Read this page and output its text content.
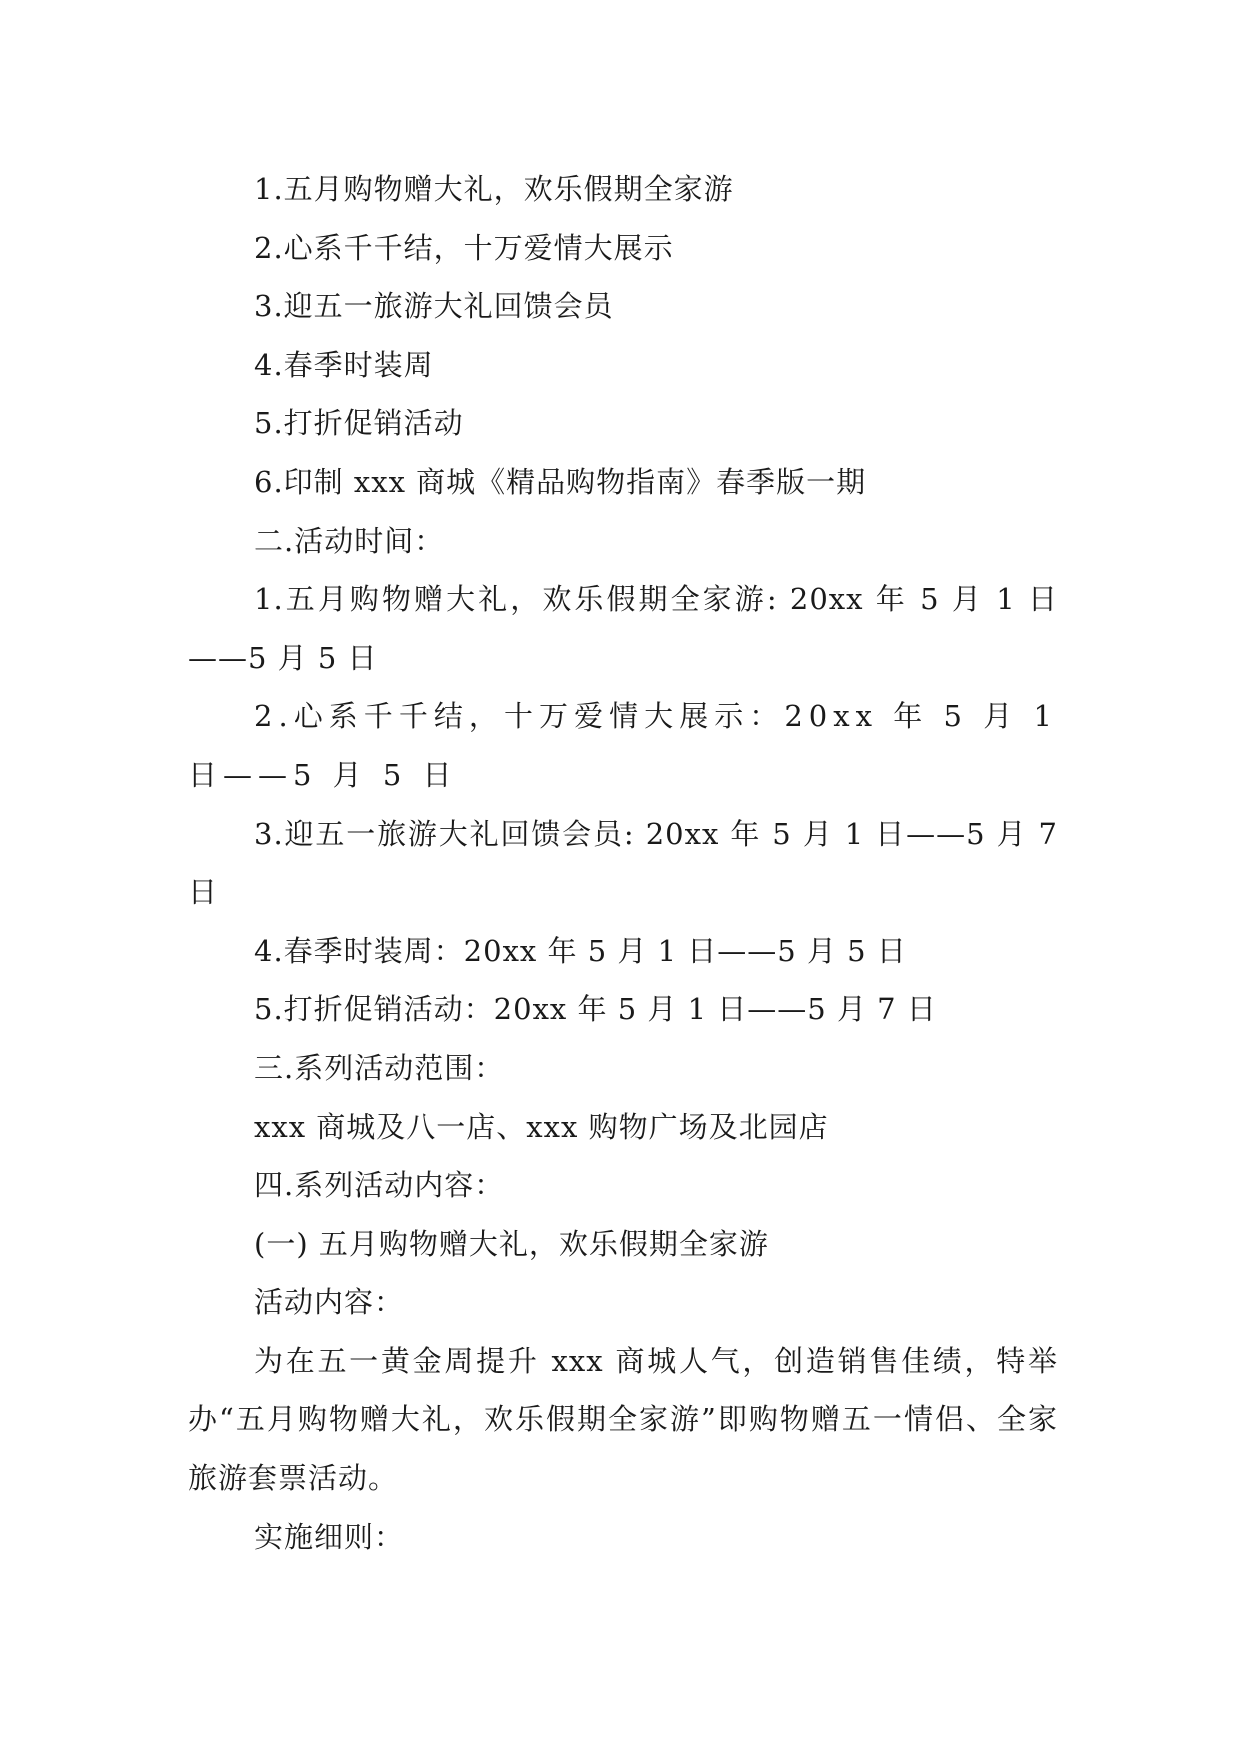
1.五月购物赠大礼，欢乐假期全家游
2.心系千千结，十万爱情大展示
3.迎五一旅游大礼回馈会员
4.春季时装周
5.打折促销活动
6.印制 xxx 商城《精品购物指南》春季版一期
二.活动时间：
1.五月购物赠大礼，欢乐假期全家游: 20xx 年 5 月 1 日——5 月 5 日
2.心系千千结，十万爱情大展示：20xx 年 5 月 1 日——5 月 5 日
3.迎五一旅游大礼回馈会员: 20xx 年 5 月 1 日——5 月 7 日
4.春季时装周：20xx 年 5 月 1 日——5 月 5 日
5.打折促销活动：20xx 年 5 月 1 日——5 月 7 日
三.系列活动范围：
xxx 商城及八一店、xxx 购物广场及北园店
四.系列活动内容：
(一) 五月购物赠大礼，欢乐假期全家游
活动内容：
为在五一黄金周提升 xxx 商城人气，创造销售佳绩，特举办“五月购物赠大礼，欢乐假期全家游”即购物赠五一情侣、全家旅游套票活动。
实施细则：
